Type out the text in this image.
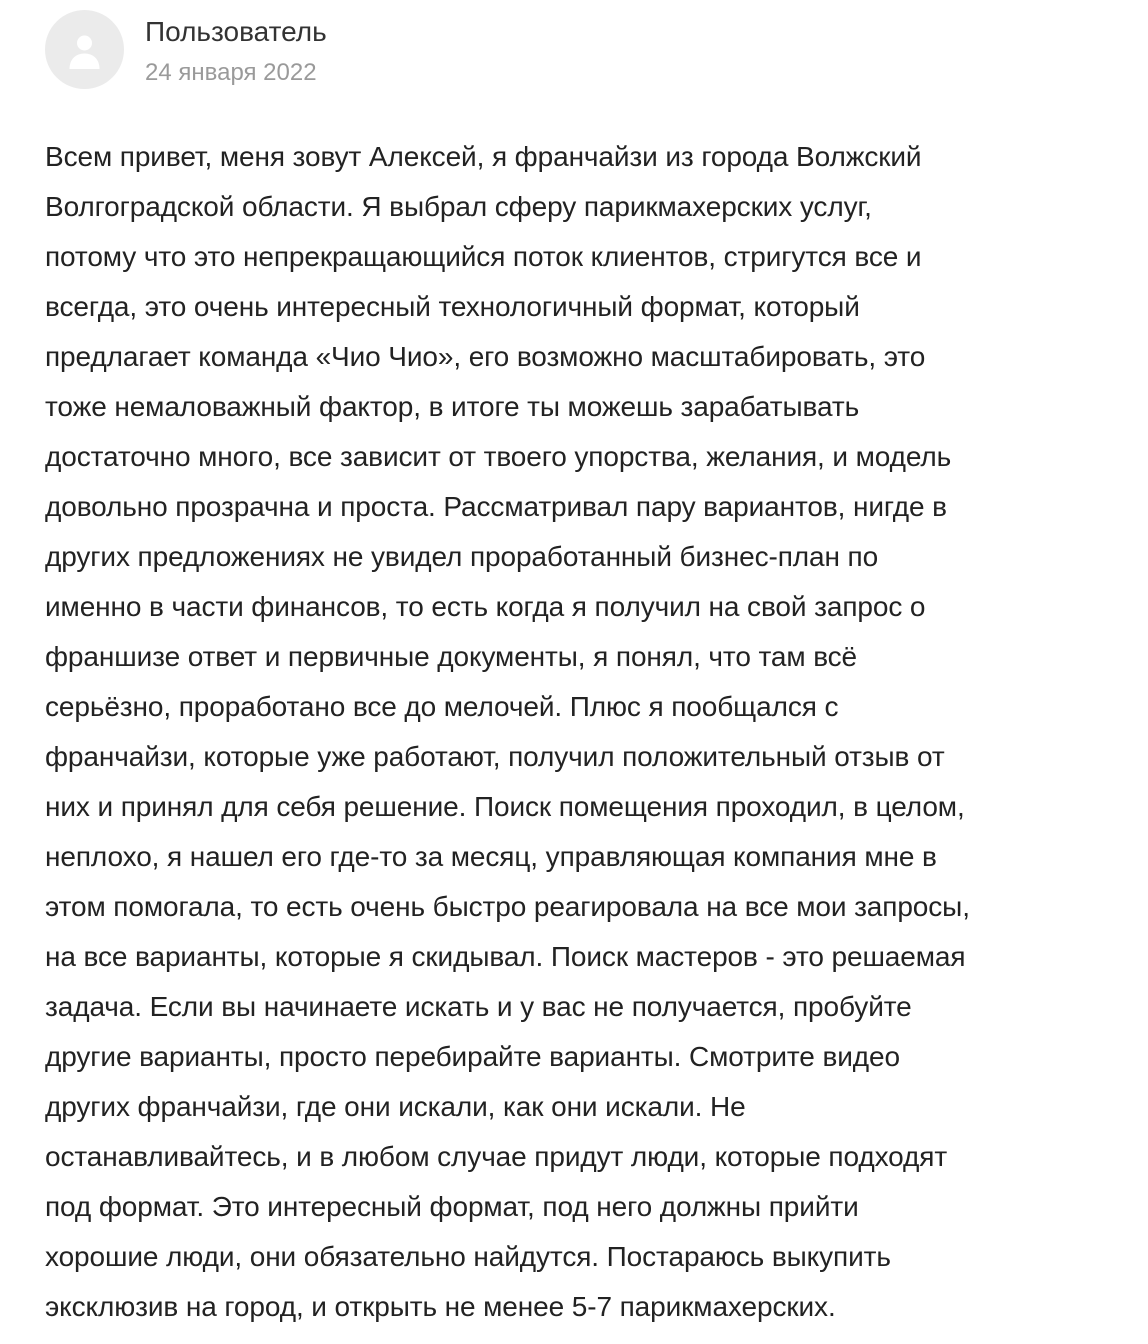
Пользователь
24 января 2022

Всем привет, меня зовут Алексей, я франчайзи из города Волжский
Волгоградской области. Я выбрал сферу парикмахерских услуг,
потому что это непрекращающийся поток клиентов, стригутся все и
всегда, это очень интересный технологичный формат, который
предлагает команда «Чио Чио», его возможно масштабировать, это
тоже немаловажный фактор, в итоге ты можешь зарабатывать
достаточно много, все зависит от твоего упорства, желания, и модель
довольно прозрачна и проста. Рассматривал пару вариантов, нигде в
других предложениях не увидел проработанный бизнес-план по
именно в части финансов, то есть когда я получил на свой запрос о
франшизе ответ и первичные документы, я понял, что там всё
серьёзно, проработано все до мелочей. Плюс я пообщался с
франчайзи, которые уже работают, получил положительный отзыв от
них и принял для себя решение. Поиск помещения проходил, в целом,
неплохо, я нашел его где-то за месяц, управляющая компания мне в
этом помогала, то есть очень быстро реагировала на все мои запросы,
на все варианты, которые я скидывал. Поиск мастеров - это решаемая
задача. Если вы начинаете искать и у вас не получается, пробуйте
другие варианты, просто перебирайте варианты. Смотрите видео
других франчайзи, где они искали, как они искали. Не
останавливайтесь, и в любом случае придут люди, которые подходят
под формат. Это интересный формат, под него должны прийти
хорошие люди, они обязательно найдутся. Постараюсь выкупить
эксклюзив на город, и открыть не менее 5-7 парикмахерских.
